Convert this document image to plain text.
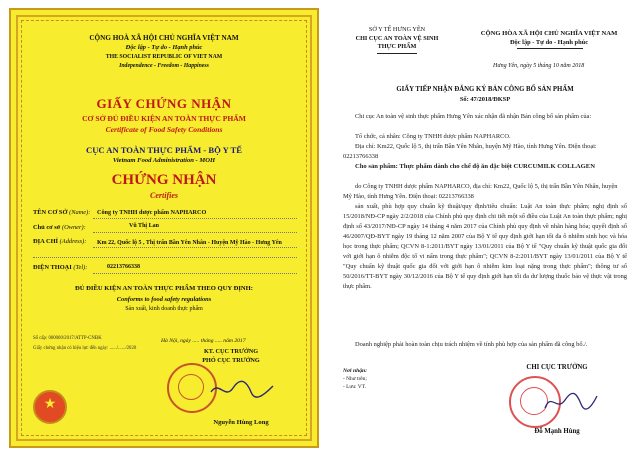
CỘNG HOÀ XÃ HỘI CHỦ NGHĨA VIỆT NAM
Độc lập - Tự do - Hạnh phúc
THE SOCIALIST REPUBLIC OF VIET NAM
Independence - Freedom - Happiness
GIẤY CHỨNG NHẬN
CƠ SỞ ĐỦ ĐIỀU KIỆN AN TOÀN THỰC PHẨM
Certificate of Food Safety Conditions
CỤC AN TOÀN THỰC PHẨM - BỘ Y TẾ
Vietnam Food Administration - MOH
CHỨNG NHẬN
Certifies
TÊN CƠ SỞ (Name): Công ty TNHH dược phẩm NAPHARCO
Chủ cơ sở (Owner):	Vũ Thị Lan
ĐỊA CHỈ (Address): Km 22, Quốc lộ 5 , Thị trấn Bần Yên Nhân - Huyện Mỹ Hào - Hưng Yên
ĐIỆN THOẠI (Tel):	02213766338
ĐỦ ĐIỀU KIỆN AN TOÀN THỰC PHẨM THEO QUY ĐỊNH:
Conforms to food safety regulations
Sản xuất, kinh doanh thực phẩm
Hà Nội, ngày ..... tháng ..... năm 2017
KT. CỤC TRƯỞNG
PHÓ CỤC TRƯỞNG
Nguyễn Hùng Long
Số cấp: 000000/2017/ATTP-CNĐK
Giấy chứng nhận có hiệu lực đến ngày: ....../....../2020
★
SỞ Y TẾ HƯNG YÊN
CHI CỤC AN TOÀN VỆ SINH
THỰC PHẨM
CỘNG HÒA XÃ HỘI CHỦ NGHĨA VIỆT NAM
Độc lập - Tự do - Hạnh phúc
Hưng Yên, ngày 5 tháng 10 năm 2018
GIẤY TIẾP NHẬN ĐĂNG KÝ BẢN CÔNG BỐ SẢN PHẨM
Số: 47/2018/ĐKSP
Chi cục An toàn vệ sinh thực phẩm Hưng Yên xác nhận đã nhận Bản công bố sản phẩm của:
Tổ chức, cá nhân: Công ty TNHH dược phẩm NAPHARCO.
Địa chỉ: Km22, Quốc lộ 5, thị trấn Bần Yên Nhân, huyện Mỹ Hào, tỉnh Hưng Yên. Điện thoại: 02213766338
Cho sản phẩm: Thực phẩm dành cho chế độ ăn đặc biệt CURCUMILK COLLAGEN
do Công ty TNHH dược phẩm NAPHARCO, địa chỉ: Km22, Quốc lộ 5, thị trấn Bần Yên Nhân, huyện Mỹ Hào, tỉnh Hưng Yên. Điện thoại: 02213766338
sản xuất, phù hợp quy chuẩn kỹ thuật/quy định/tiêu chuẩn: Luật An toàn thực phẩm; nghị định số 15/2018/NĐ-CP ngày 2/2/2018 của Chính phủ quy định chi tiết một số điều của Luật An toàn thực phẩm; nghị định số 43/2017/NĐ-CP ngày 14 tháng 4 năm 2017 của Chính phủ quy định về nhãn hàng hóa; quyết định số 46/2007/QĐ-BYT ngày 19 tháng 12 năm 2007 của Bộ Y tế quy định giới hạn tối đa ô nhiễm sinh học và hóa học trong thực phẩm; QCVN 8-1:2011/BYT ngày 13/01/2011 của Bộ Y tế "Quy chuẩn kỹ thuật quốc gia đối với giới hạn ô nhiễm độc tố vi nấm trong thực phẩm"; QCVN 8-2:2011/BYT ngày 13/01/2011 của Bộ Y tế "Quy chuẩn kỹ thuật quốc gia đối với giới hạn ô nhiễm kim loại nặng trong thực phẩm"; thông tư số 50/2016/TT-BYT ngày 30/12/2016 của Bộ Y tế quy định giới hạn tối đa dư lượng thuốc bảo vệ thực vật trong thực phẩm.
Doanh nghiệp phải hoàn toàn chịu trách nhiệm về tính phù hợp của sản phẩm đã công bố./.
Nơi nhận:
- Như trên;
- Lưu: VT.
CHI CỤC TRƯỞNG
Đỗ Mạnh Hùng
